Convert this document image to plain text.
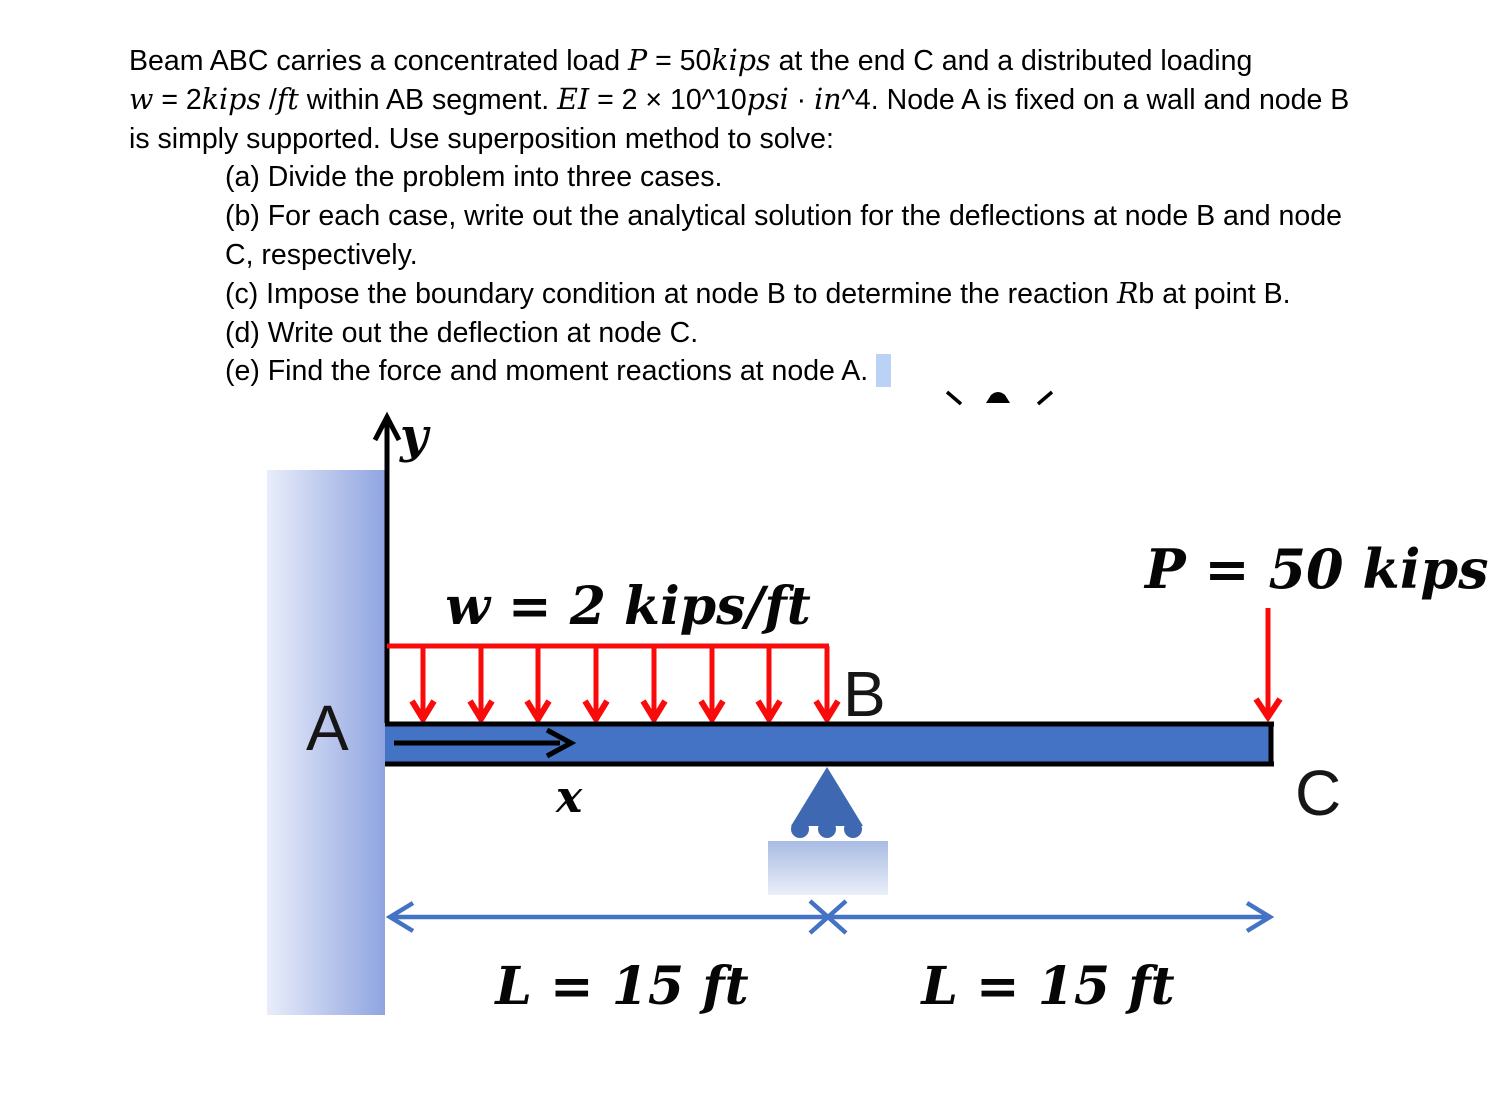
Beam ABC carries a concentrated load P = 50kips at the end C and a distributed loading
w = 2kips /ft within AB segment. EI = 2 × 10^10psi · in^4. Node A is fixed on a wall and node B
is simply supported. Use superposition method to solve:
(a) Divide the problem into three cases.
(b) For each case, write out the analytical solution for the deflections at node B and node
C, respectively.
(c) Impose the boundary condition at node B to determine the reaction Rb at point B.
(d) Write out the deflection at node C.
(e) Find the force and moment reactions at node A.
y
w = 2 kips/ft
x
A	B
C
P = 50 kips
L = 15 ft	L = 15 ft
